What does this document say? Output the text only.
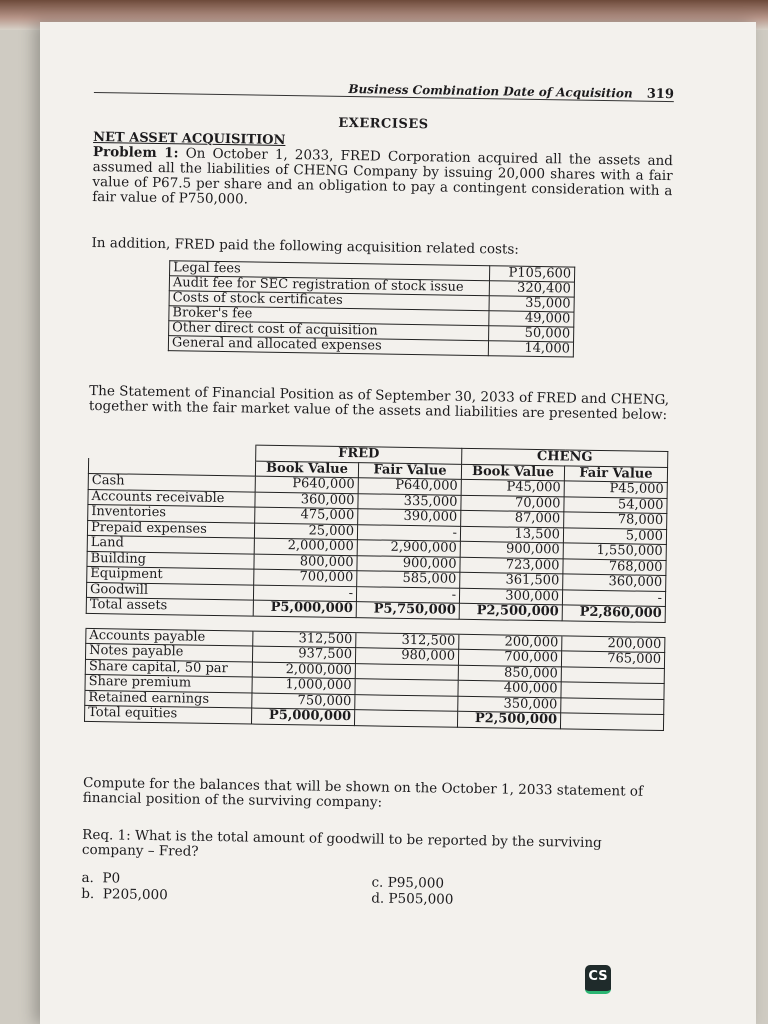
Business Combination Date of Acquisition 319
EXERCISES
NET ASSET ACQUISITION
Problem 1: On October 1, 2033, FRED Corporation acquired all the assets and assumed all the liabilities of CHENG Company by issuing 20,000 shares with a fair value of P67.5 per share and an obligation to pay a contingent consideration with a fair value of P750,000.
In addition, FRED paid the following acquisition related costs:
Legal fees	P105,600
Audit fee for SEC registration of stock issue	320,400
Costs of stock certificates	35,000
Broker's fee	49,000
Other direct cost of acquisition	50,000
General and allocated expenses	14,000
The Statement of Financial Position as of September 30, 2033 of FRED and CHENG, together with the fair market value of the assets and liabilities are presented below:
	FRED		CHENG	
	Book Value	Fair Value	Book Value	Fair Value
Cash	P640,000	P640,000	P45,000	P45,000
Accounts receivable	360,000	335,000	70,000	54,000
Inventories	475,000	390,000	87,000	78,000
Prepaid expenses	25,000	-	13,500	5,000
Land	2,000,000	2,900,000	900,000	1,550,000
Building	800,000	900,000	723,000	768,000
Equipment	700,000	585,000	361,500	360,000
Goodwill	-	-	300,000	-
Total assets	P5,000,000	P5,750,000	P2,500,000	P2,860,000

Accounts payable	312,500	312,500	200,000	200,000
Notes payable	937,500	980,000	700,000	765,000
Share capital, 50 par	2,000,000		850,000	
Share premium	1,000,000		400,000	
Retained earnings	750,000		350,000	
Total equities	P5,000,000		P2,500,000	
Compute for the balances that will be shown on the October 1, 2033 statement of financial position of the surviving company:
Req. 1: What is the total amount of goodwill to be reported by the surviving company – Fred?
a. P0
b. P205,000
c. P95,000
d. P505,000
CS
